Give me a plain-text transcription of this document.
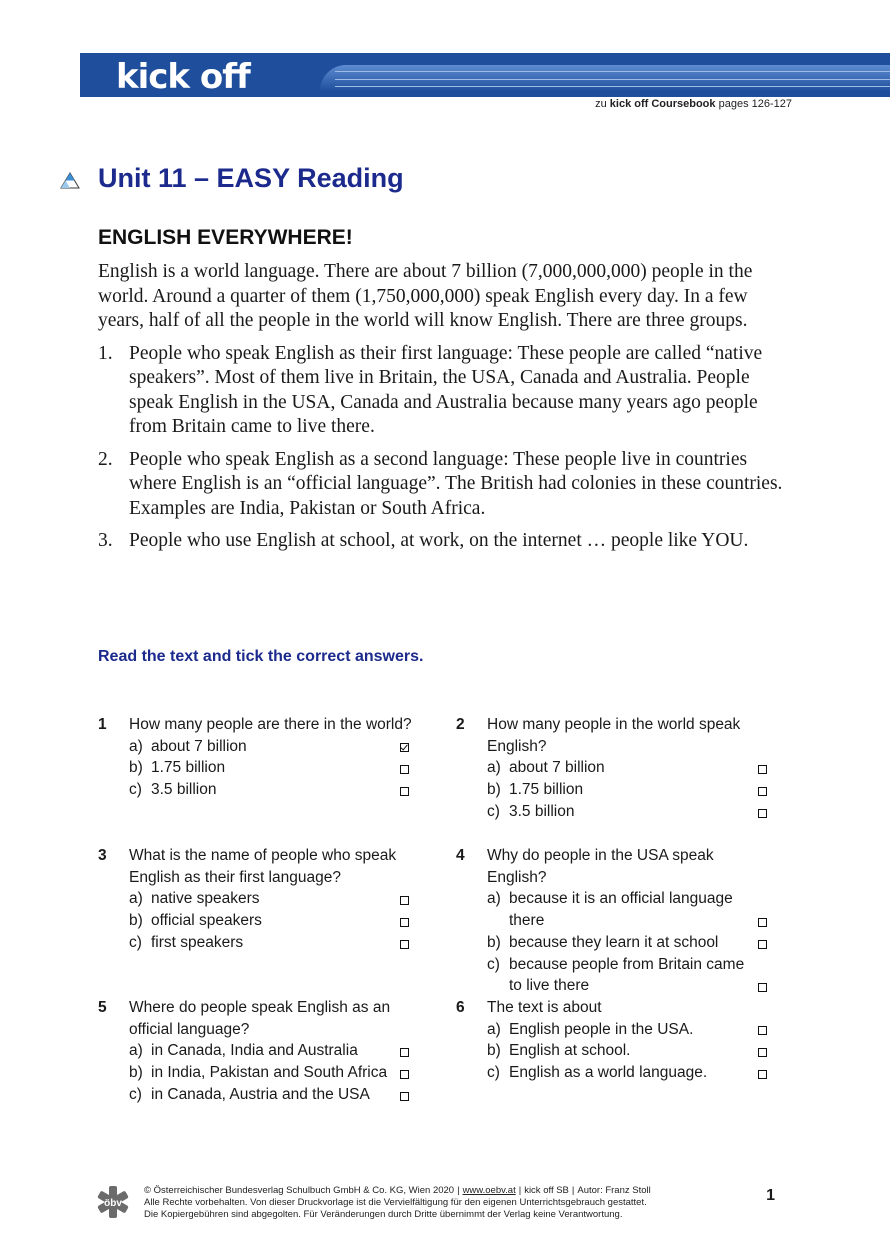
kick off
zu kick off Coursebook pages 126-127
Unit 11 – EASY Reading
ENGLISH EVERYWHERE!

English is a world language. There are about 7 billion (7,000,000,000) people in the world. Around a quarter of them (1,750,000,000) speak English every day. In a few years, half of all the people in the world will know English. There are three groups.

1. People who speak English as their first language: These people are called “native speakers”. Most of them live in Britain, the USA, Canada and Australia. People speak English in the USA, Canada and Australia because many years ago people from Britain came to live there.
2. People who speak English as a second language: These people live in countries where English is an “official language”. The British had colonies in these countries. Examples are India, Pakistan or South Africa.
3. People who use English at school, at work, on the internet … people like YOU.
Read the text and tick the correct answers.
1 How many people are there in the world?
a) about 7 billion
b) 1.75 billion
c) 3.5 billion
2 How many people in the world speak English?
a) about 7 billion
b) 1.75 billion
c) 3.5 billion
3 What is the name of people who speak English as their first language?
a) native speakers
b) official speakers
c) first speakers
4 Why do people in the USA speak English?
a) because it is an official language there
b) because they learn it at school
c) because people from Britain came to live there
5 Where do people speak English as an official language?
a) in Canada, India and Australia
b) in India, Pakistan and South Africa
c) in Canada, Austria and the USA
6 The text is about
a) English people in the USA.
b) English at school.
c) English as a world language.
öbv
© Österreichischer Bundesverlag Schulbuch GmbH & Co. KG, Wien 2020 | www.oebv.at | kick off SB | Autor: Franz Stoll
Alle Rechte vorbehalten. Von dieser Druckvorlage ist die Vervielfältigung für den eigenen Unterrichtsgebrauch gestattet.
Die Kopiergebühren sind abgegolten. Für Veränderungen durch Dritte übernimmt der Verlag keine Verantwortung.
1
